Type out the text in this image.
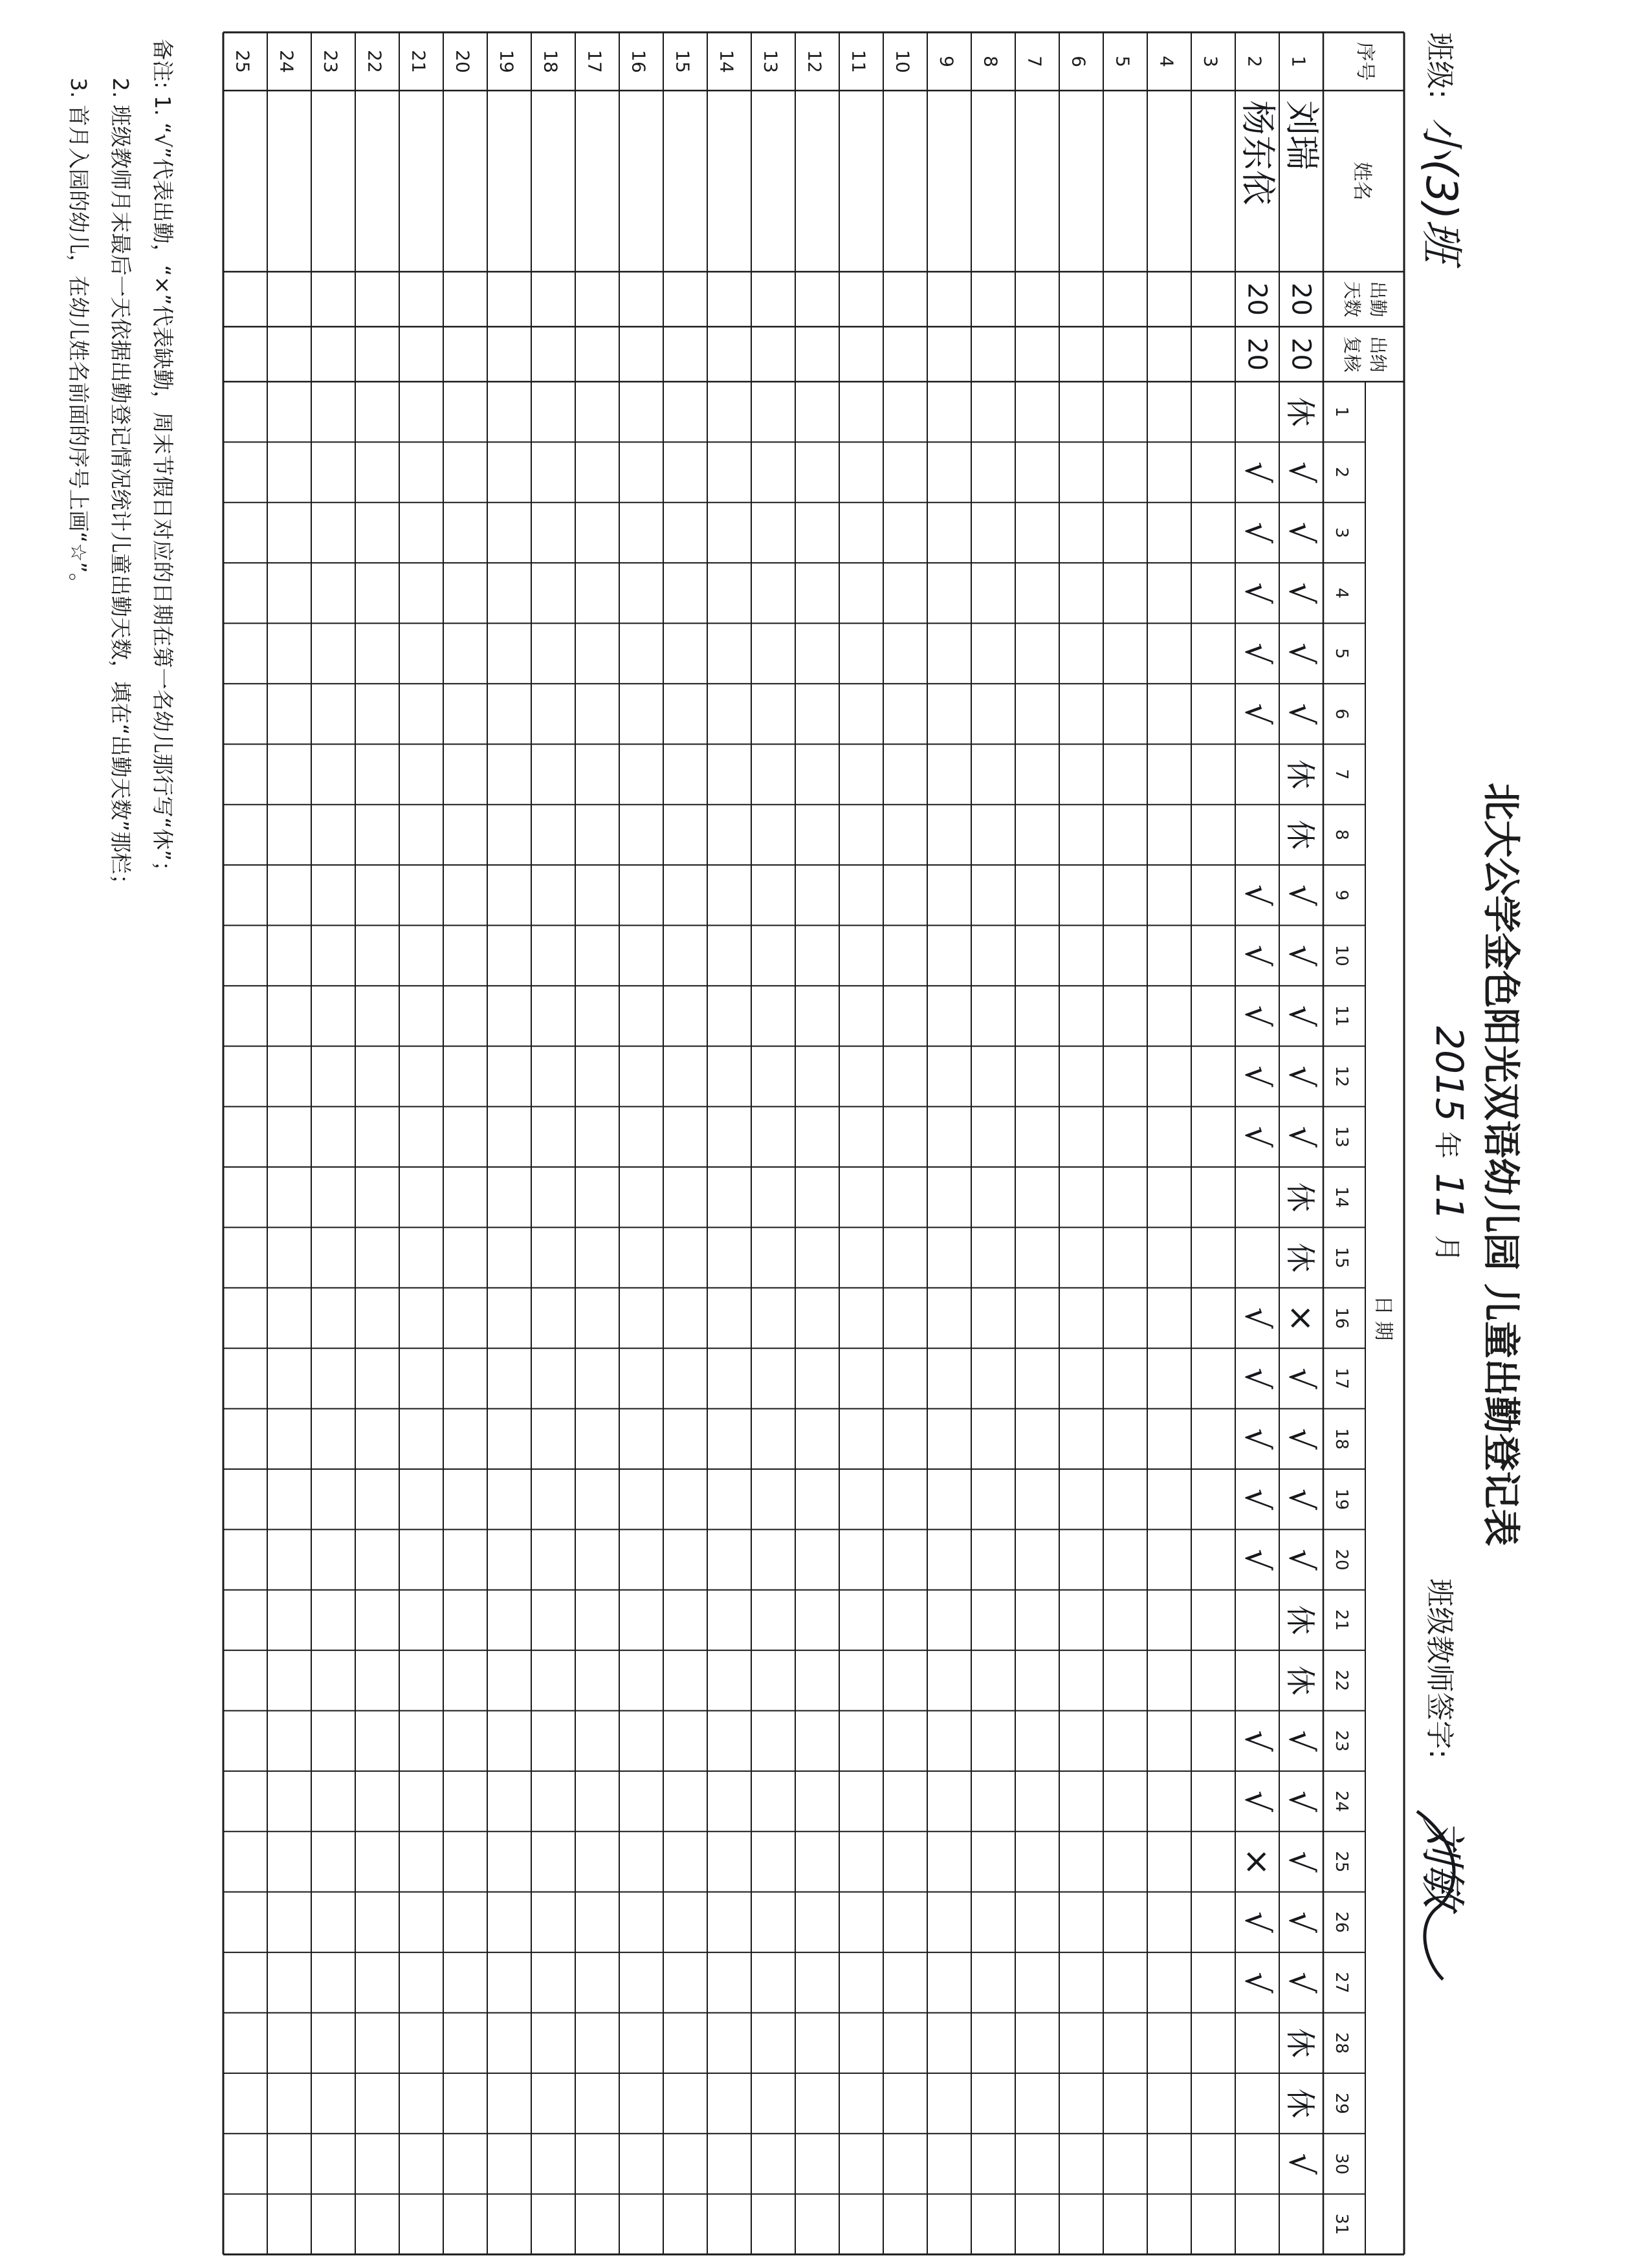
序号
姓名
出勤
天数
出纳
复核
日 期
1
2
3
4
5
6
7
8
9
10
11
12
13
14
15
16
17
18
19
20
21
22
23
24
25
26
27
28
29
30
31
1
刘瑞
20
20
休
√
√
√
√
√
休
休
√
√
√
√
√
休
休
×
√
√
√
√
休
休
√
√
√
√
√
休
休
√
2
杨东依
20
20
√
√
√
√
√
√
√
√
√
√
√
√
√
√
√
√
√
×
√
√
3
4
5
6
7
8
9
10
11
12
13
14
15
16
17
18
19
20
21
22
23
24
25	班级:
小(3)班
北大公学金色阳光双语幼儿园 儿童出勤登记表
2015
年
11
月
班级教师签字:
刘敏
备注: 1. “√”代表出勤，“×”代表缺勤，周末节假日对应的日期在第一名幼儿那行写“休”；
2. 班级教师月末最后一天依据出勤登记情况统计儿童出勤天数，填在“出勤天数”那栏；
3. 首月入园的幼儿，在幼儿姓名前面的序号上画“☆”。
